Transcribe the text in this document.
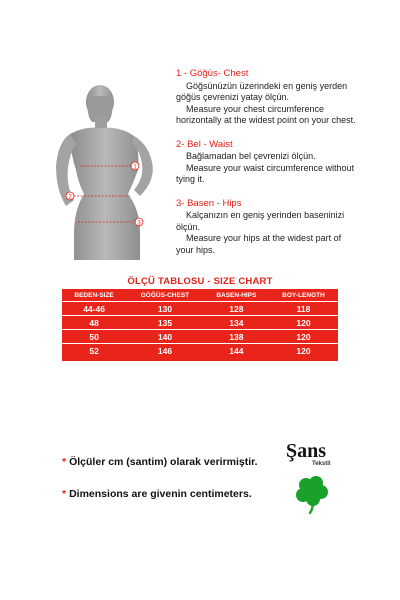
1
2
3
1 - Göğüs- Chest
Göğsünüzün üzerindeki en geniş yerden
göğüs çevrenizi yatay ölçün.
Measure your chest circumference
horizontally at the widest point on your chest.
2- Bel - Waist
Bağlamadan bel çevrenizi ölçün.
Measure your waist circumference without
tying it.
3- Basen - Hips
Kalçanızın en geniş yerinden baseninizi
ölçün.
Measure your hips at the widest part of
your hips.
ÖLÇÜ TABLOSU - SIZE CHART
BEDEN-SIZE	GÖĞÜS-CHEST	BASEN-HIPS	BOY-LENGTH
44-46	130	128	118
48	135	134	120
50	140	138	120
52	146	144	120
* Ölçüler cm (santim) olarak verirmiştir.
* Dimensions are givenin centimeters.
Şans
Tekstil
